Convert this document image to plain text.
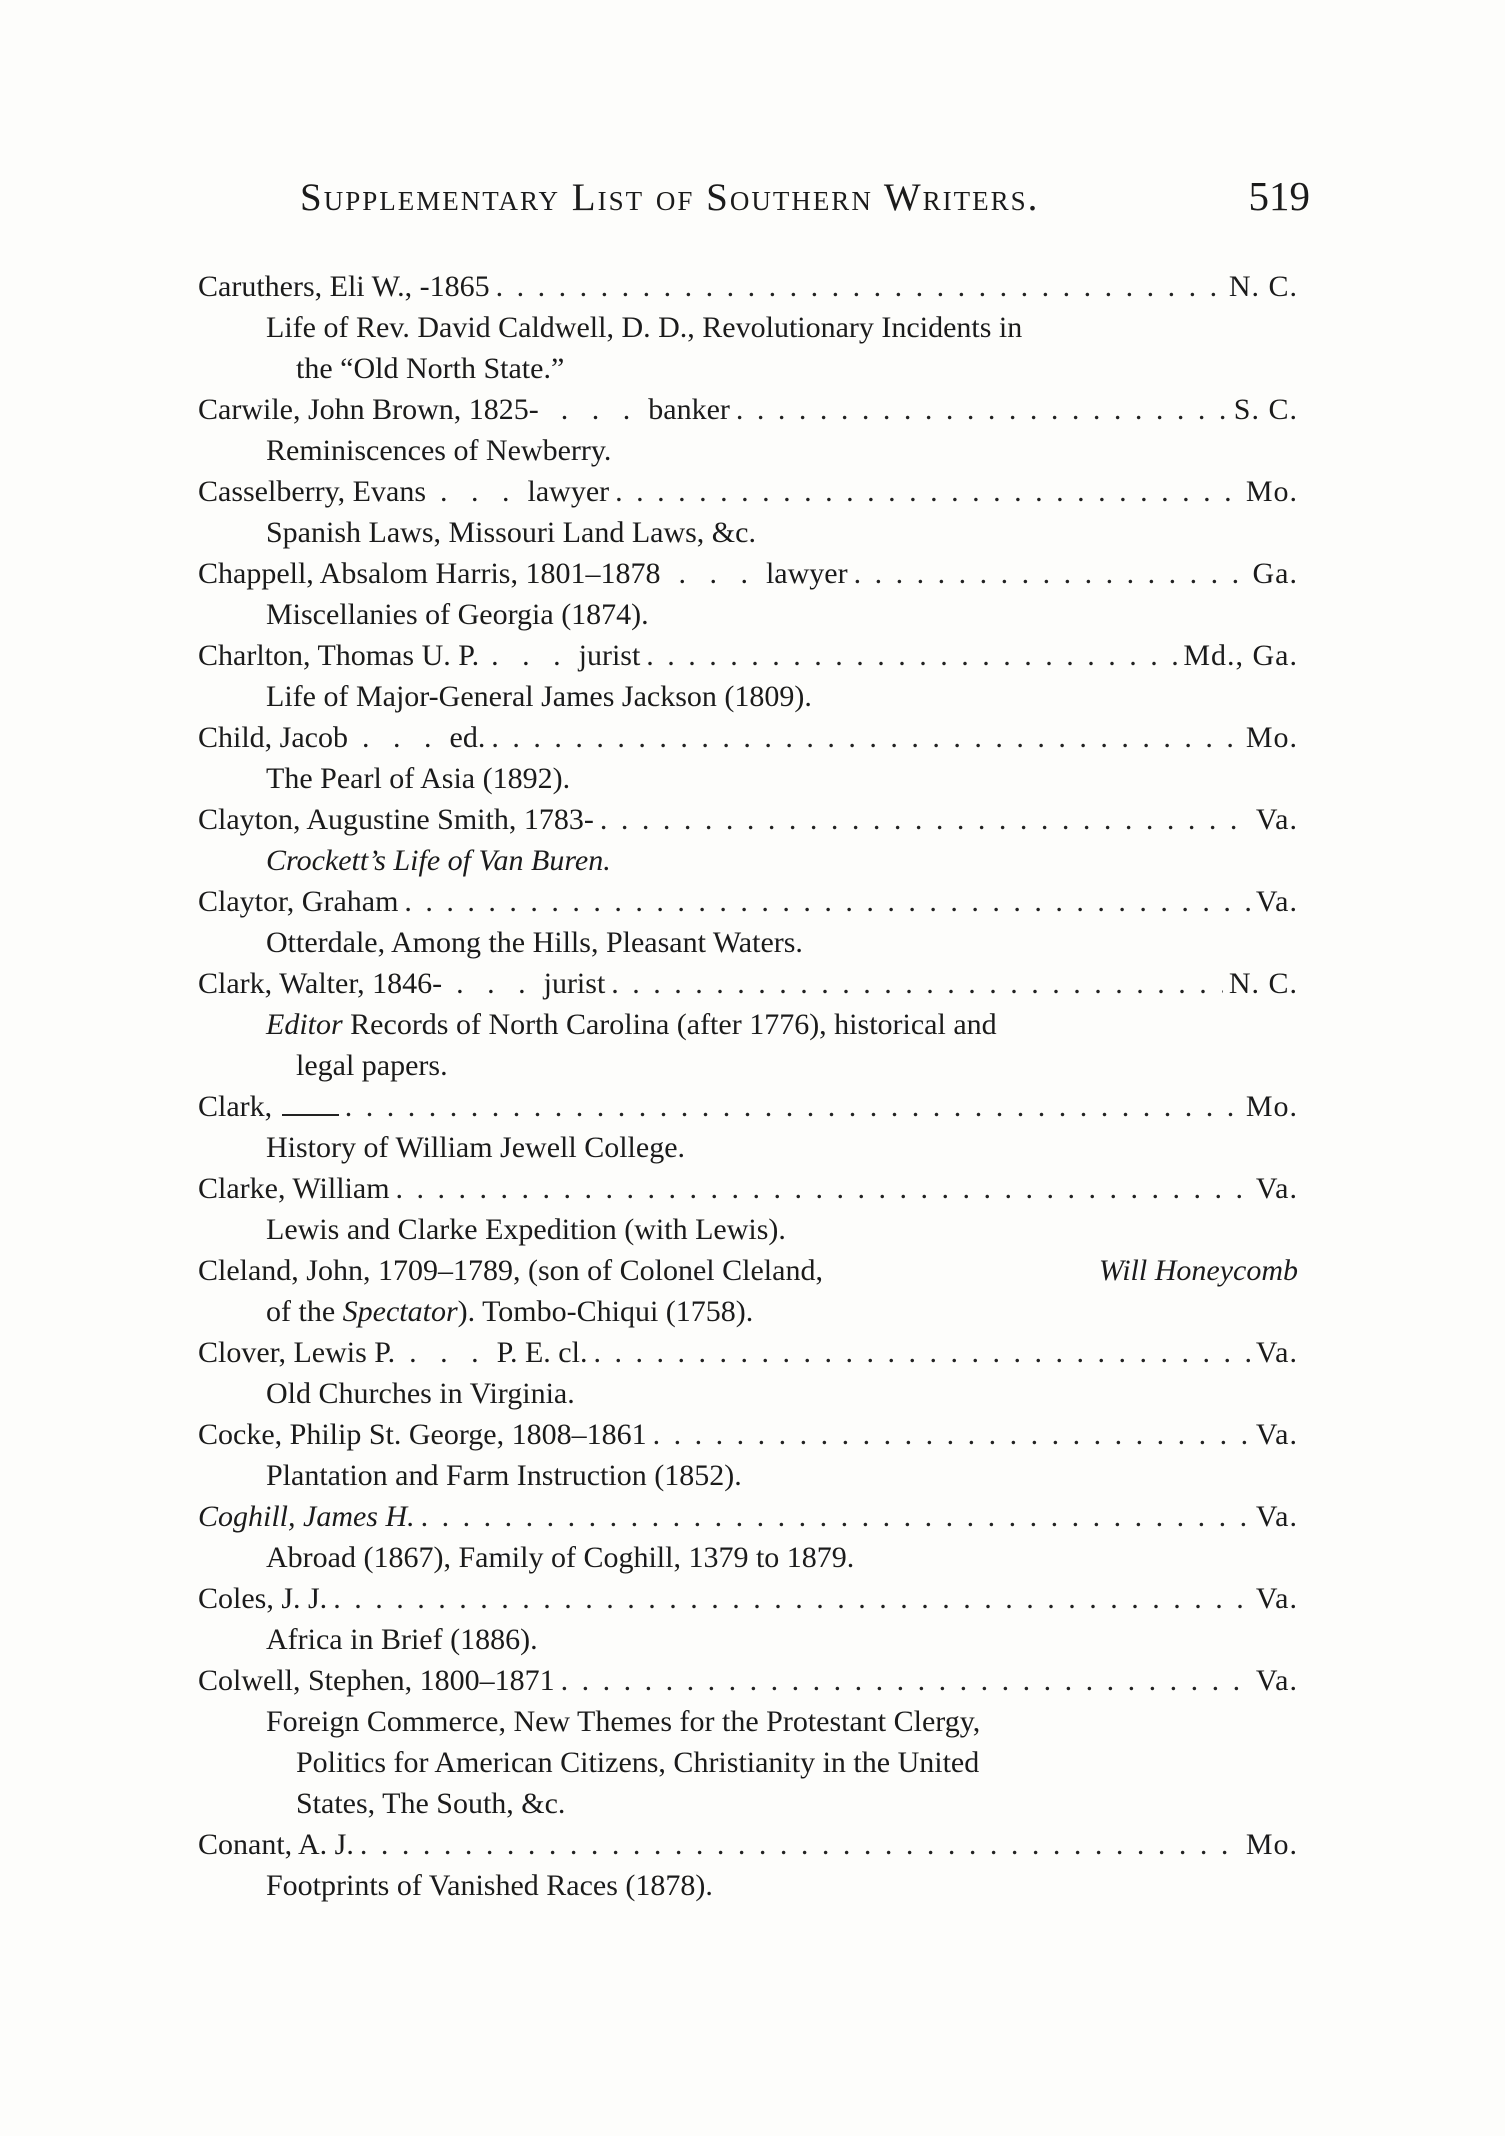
Supplementary List of Southern Writers.	519
Caruthers, Eli W., -1865 . . .	N. C.
Life of Rev. David Caldwell, D. D., Revolutionary Incidents in
the “Old North State.”
Carwile, John Brown, 1825- . . . banker . . .	S. C.
Reminiscences of Newberry.
Casselberry, Evans . . . lawyer . . .	Mo.
Spanish Laws, Missouri Land Laws, &c.
Chappell, Absalom Harris, 1801–1878 . . . lawyer . . .	Ga.
Miscellanies of Georgia (1874).
Charlton, Thomas U. P. . . . jurist . . .	Md., Ga.
Life of Major-General James Jackson (1809).
Child, Jacob . . . ed. . . .	Mo.
The Pearl of Asia (1892).
Clayton, Augustine Smith, 1783- . . .	Va.
Crockett’s Life of Van Buren.
Claytor, Graham . . .	Va.
Otterdale, Among the Hills, Pleasant Waters.
Clark, Walter, 1846- . . . jurist . . .	N. C.
Editor Records of North Carolina (after 1776), historical and
legal papers.
Clark, . . .	Mo.
History of William Jewell College.
Clarke, William . . .	Va.
Lewis and Clarke Expedition (with Lewis).
Cleland, John, 1709–1789, (son of Colonel Cleland,	Will Honeycomb
of the Spectator). Tombo-Chiqui (1758).
Clover, Lewis P. . . . P. E. cl. . . .	Va.
Old Churches in Virginia.
Cocke, Philip St. George, 1808–1861 . . .	Va.
Plantation and Farm Instruction (1852).
Coghill, James H. . . .	Va.
Abroad (1867), Family of Coghill, 1379 to 1879.
Coles, J. J. . . .	Va.
Africa in Brief (1886).
Colwell, Stephen, 1800–1871 . . .	Va.
Foreign Commerce, New Themes for the Protestant Clergy,
Politics for American Citizens, Christianity in the United
States, The South, &c.
Conant, A. J. . . .	Mo.
Footprints of Vanished Races (1878).
